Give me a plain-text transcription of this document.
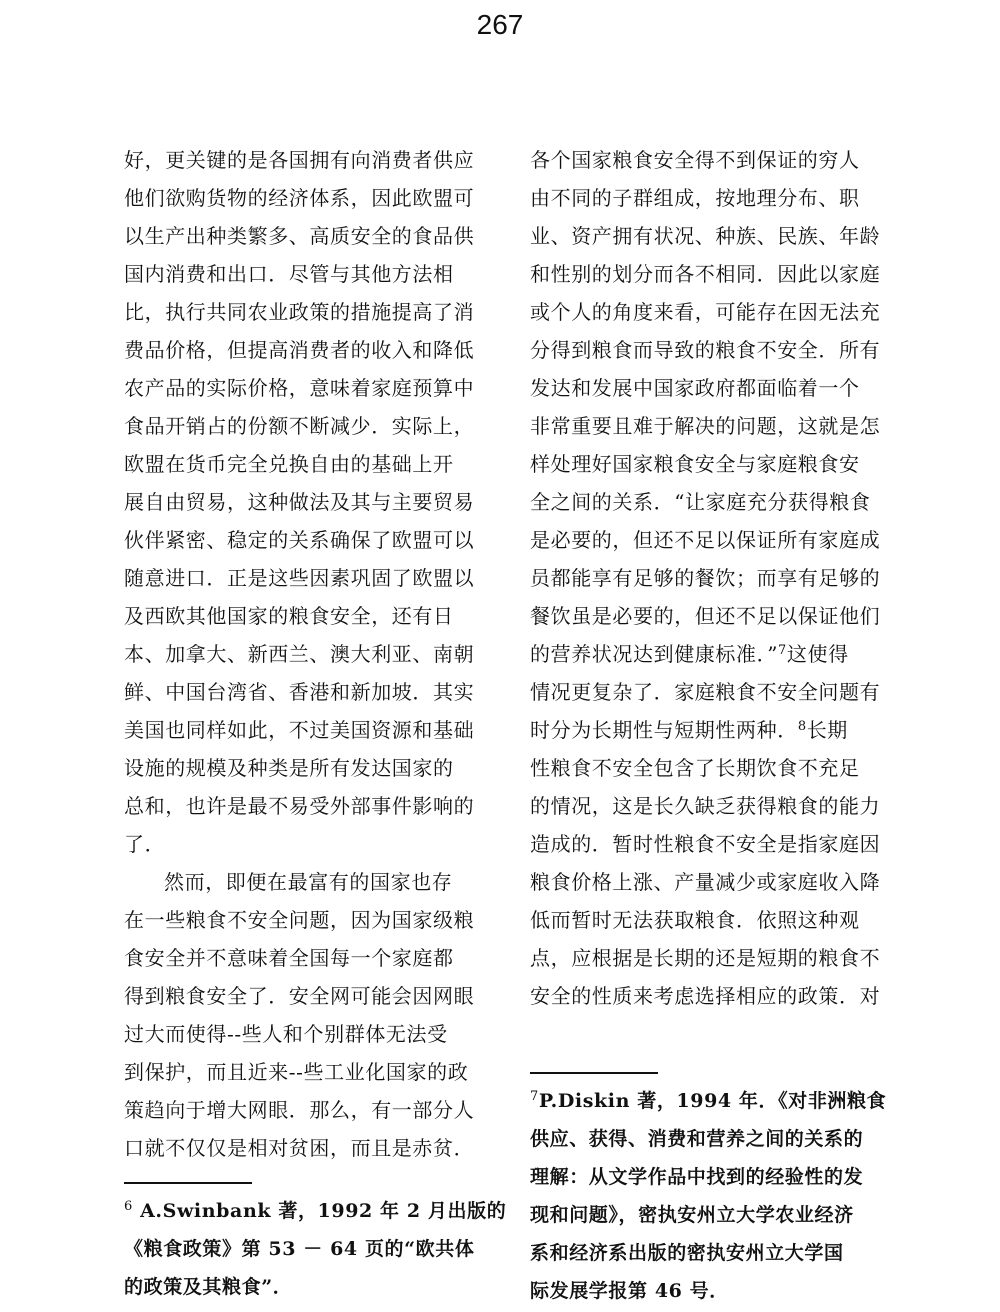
267
好，更关键的是各国拥有向消费者供应
他们欲购货物的经济体系，因此欧盟可
以生产出种类繁多、高质安全的食品供
国内消费和出口．尽管与其他方法相
比，执行共同农业政策的措施提高了消
费品价格，但提高消费者的收入和降低
农产品的实际价格，意味着家庭预算中
食品开销占的份额不断减少．实际上，
欧盟在货币完全兑换自由的基础上开
展自由贸易，这种做法及其与主要贸易
伙伴紧密、稳定的关系确保了欧盟可以
随意进口．正是这些因素巩固了欧盟以
及西欧其他国家的粮食安全，还有日
本、加拿大、新西兰、澳大利亚、南朝
鲜、中国台湾省、香港和新加坡．其实
美国也同样如此，不过美国资源和基础
设施的规模及种类是所有发达国家的
总和，也许是最不易受外部事件影响的
了．
然而，即便在最富有的国家也存
在一些粮食不安全问题，因为国家级粮
食安全并不意味着全国每一个家庭都
得到粮食安全了．安全网可能会因网眼
过大而使得--些人和个别群体无法受
到保护，而且近来--些工业化国家的政
策趋向于增大网眼．那么，有一部分人
口就不仅仅是相对贫困，而且是赤贫．
各个国家粮食安全得不到保证的穷人
由不同的子群组成，按地理分布、职
业、资产拥有状况、种族、民族、年龄
和性别的划分而各不相同．因此以家庭
或个人的角度来看，可能存在因无法充
分得到粮食而导致的粮食不安全．所有
发达和发展中国家政府都面临着一个
非常重要且难于解决的问题，这就是怎
样处理好国家粮食安全与家庭粮食安
全之间的关系．“让家庭充分获得粮食
是必要的，但还不足以保证所有家庭成
员都能享有足够的餐饮；而享有足够的
餐饮虽是必要的，但还不足以保证他们
的营养状况达到健康标准．”$^7$这使得
情况更复杂了．家庭粮食不安全问题有
时分为长期性与短期性两种．$^8$长期
性粮食不安全包含了长期饮食不充足
的情况，这是长久缺乏获得粮食的能力
造成的．暂时性粮食不安全是指家庭因
粮食价格上涨、产量减少或家庭收入降
低而暂时无法获取粮食．依照这种观
点，应根据是长期的还是短期的粮食不
安全的性质来考虑选择相应的政策．对
$^6$ A.Swinbank 著，1992 年 2 月出版的
《粮食政策》第 53 － 64 页的“欧共体
的政策及其粮食”．
$^7$P.Diskin 著，1994 年．《对非洲粮食
供应、获得、消费和营养之间的关系的
理解：从文学作品中找到的经验性的发
现和问题》，密执安州立大学农业经济
系和经济系出版的密执安州立大学国
际发展学报第 46 号．
